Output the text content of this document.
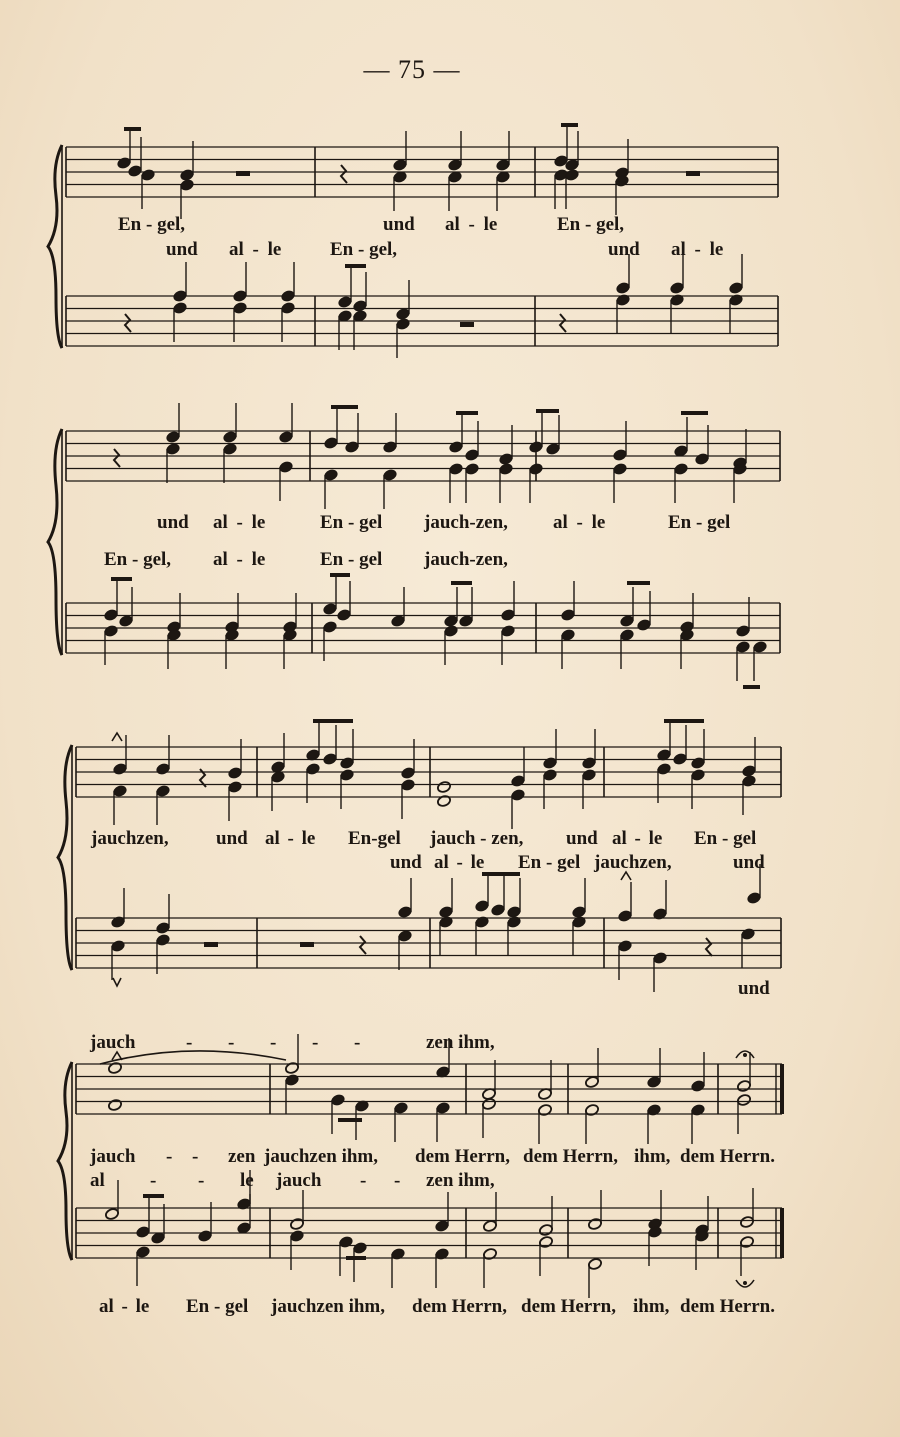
— 75 —
En - gel,	und al - le	En - gel,
und al - le	En - gel,	und al - le
und al - le	En - gel jauch-zen, al - le	En - gel
En - gel, al - le	En - gel jauch-zen,
jauchzen, und al - le En-gel jauch - zen, und al - le En - gel
und al - le En - gel jauchzen,	und
und
jauch	- - - - -	zen ihm,
jauch - - zen jauchzen ihm, dem Herrn, dem Herrn, ihm, dem Herrn.
al - - le jauch - - zen ihm,
al - le En - gel jauchzen ihm, dem Herrn, dem Herrn, ihm, dem Herrn.
